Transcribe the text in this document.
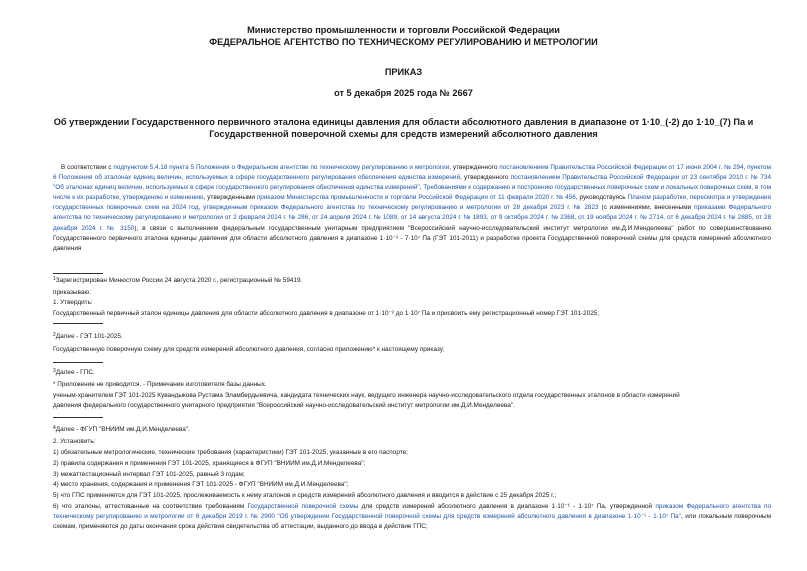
Министерство промышленности и торговли Российской Федерации

ФЕДЕРАЛЬНОЕ АГЕНТСТВО ПО ТЕХНИЧЕСКОМУ РЕГУЛИРОВАНИЮ И МЕТРОЛОГИИ

ПРИКАЗ

от 5 декабря 2025 года № 2667

Об утверждении Государственного первичного эталона единицы давления для области абсолютного давления в диапазоне от 1·10_(-2) до 1·10_(7) Па и

Государственной поверочной схемы для средств измерений абсолютного давления

В соответствии с подпунктом 5.4.18 пункта 5 Положения о Федеральном агентстве по техническому регулированию и метрологии, утвержденного постановлением Правительства Российской Федерации от 17 июня 2004 г. № 294, пунктом 6 Положения об эталонах единиц величин, используемых в сфере государственного регулирования обеспечения единства измерений, утвержденного постановлением Правительства Российской Федерации от 23 сентября 2010 г. № 734 "Об эталонах единиц величин, используемых в сфере государственного регулирования обеспечения единства измерений", Требованиями к содержанию и построению государственных поверочных схем и локальных поверочных схем, в том числе к их разработке, утверждению и изменению, утвержденными приказом Министерства промышленности и торговли Российской Федерации от 11 февраля 2020 г. № 456, руководствуясь Планом разработки, пересмотра и утверждения государственных поверочных схем на 2024 год, утвержденным приказом Федерального агентства по техническому регулированию и метрологии от 28 декабря 2023 г. № 2823 (с изменениями, внесенными приказами Федерального агентства по техническому регулированию и метрологии от 2 февраля 2024 г. № 286, от 24 апреля 2024 г. № 1089, от 14 августа 2024 г. № 1893, от 9 октября 2024 г. № 2368, от 19 ноября 2024 г. № 2714, от 6 декабря 2024 г. № 2885, от 28 декабря 2024 г. № 3150), в связи с выполнением федеральным государственным унитарным предприятием "Всероссийский научно-исследовательский институт метрологии им.Д.И.Менделеева" работ по совершенствованию Государственного первичного эталона единицы давления для области абсолютного давления в диапазоне 1·10⁻² - 7·10⁷ Па (ГЭТ 101-2011) и разработке проекта Государственной поверочной схемы для средств измерений абсолютного давления

$^1$Зарегистрирован Минюстом России 24 августа 2020 г., регистрационный № 59419.

приказываю:

1. Утвердить:

Государственный первичный эталон единицы давления для области абсолютного давления в диапазоне от 1·10⁻² до 1·10⁷ Па и присвоить ему регистрационный номер ГЭТ 101-2025;

$^2$Далее - ГЭТ 101-2025.

Государственную поверочную схему для средств измерений абсолютного давления, согласно приложению* к настоящему приказу;

$^3$Далее - ГПС.

* Приложение не приводится. - Примечание изготовителя базы данных.

ученым-хранителем ГЭТ 101-2025 Кувандыкова Рустама Эламбердыевича, кандидата технических наук, ведущего инженера научно-исследовательского отдела государственных эталонов в области измерений

давления федерального государственного унитарного предприятия "Всероссийский научно-исследовательский институт метрологии им.Д.И.Менделеева".

$^4$Далее - ФГУП "ВНИИМ им.Д.И.Менделеева".

2. Установить:

1) обязательные метрологические, технические требования (характеристики) ГЭТ 101-2025, указанные в его паспорте;

2) правила содержания и применения ГЭТ 101-2025, хранящиеся в ФГУП "ВНИИМ им.Д.И.Менделеева";

3) межаттестационный интервал ГЭТ 101-2025, равный 3 годам;

4) место хранения, содержания и применения ГЭТ 101-2025 - ФГУП "ВНИИМ им.Д.И.Менделеева";

5) что ГПС применяется для ГЭТ 101-2025, прослеживаемость к нему эталонов и средств измерений абсолютного давления и вводится в действие с 25 декабря 2025 г.;

6) что эталоны, аттестованные на соответствие требованиям Государственной поверочной схемы для средств измерений абсолютного давления в диапазоне 1·10⁻¹ - 1·10⁷ Па, утвержденной приказом Федерального агентства по техническому регулированию и метрологии от 6 декабря 2019 г. № 2900 "Об утверждении Государственной поверочной схемы для средств измерений абсолютного давления в диапазоне 1·10⁻¹ - 1·10⁷ Па", или локальным поверочным схемам, применяются до даты окончания срока действия свидетельства об аттестации, выданного до ввода в действие ГПС;
